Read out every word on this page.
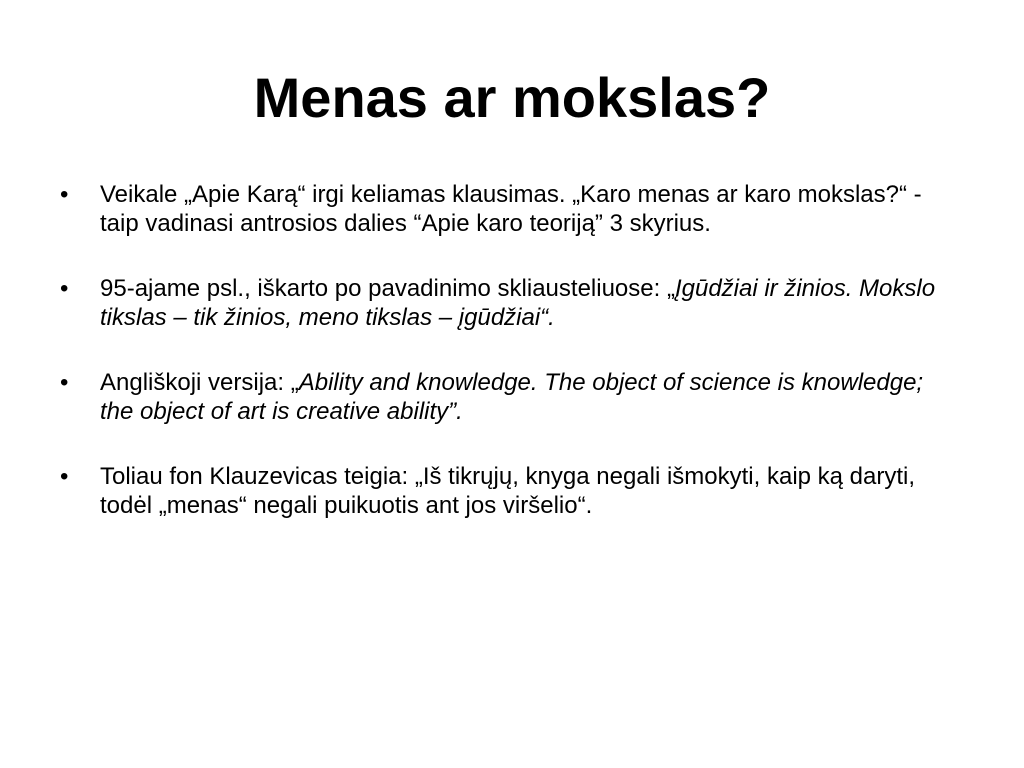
Menas ar mokslas?
•	Veikale „Apie Karą“ irgi keliamas klausimas. „Karo menas ar karo mokslas?“ - taip vadinasi antrosios dalies “Apie karo teoriją” 3 skyrius.
•	95-ajame psl., iškarto po pavadinimo skliausteliuose: „Įgūdžiai ir žinios. Mokslo tikslas – tik žinios, meno tikslas – įgūdžiai“.
•	Angliškoji versija: „Ability and knowledge. The object of science is knowledge; the object of art is creative ability”.
•	Toliau fon Klauzevicas teigia: „Iš tikrųjų, knyga negali išmokyti, kaip ką daryti, todėl „menas“ negali puikuotis ant jos viršelio“.
